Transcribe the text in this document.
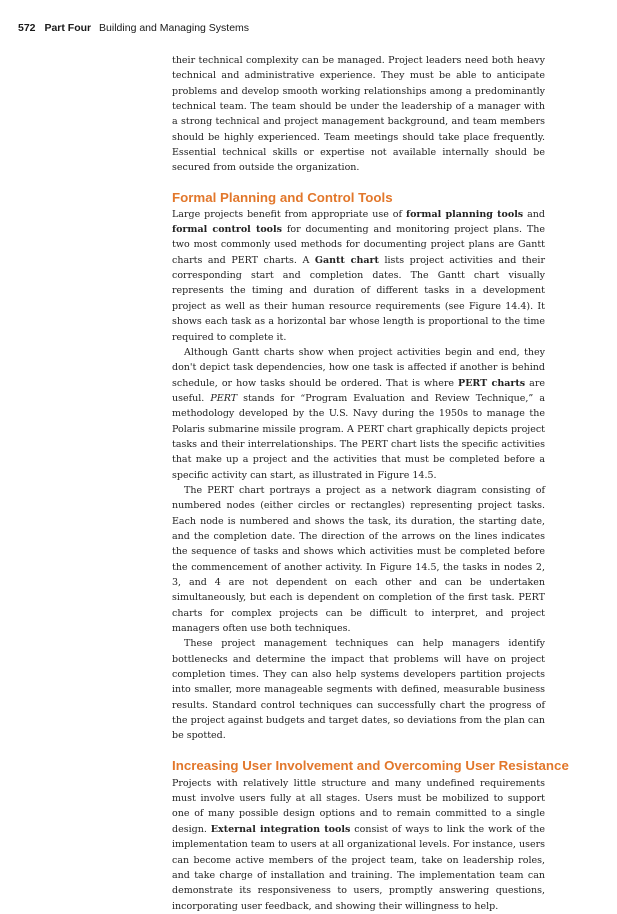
572 Part Four Building and Managing Systems

their technical complexity can be managed. Project leaders need both heavy technical and administrative experience. They must be able to anticipate problems and develop smooth working relationships among a predominantly technical team. The team should be under the leadership of a manager with a strong technical and project management background, and team members should be highly experienced. Team meetings should take place frequently. Essential technical skills or expertise not available internally should be secured from outside the organization.

Formal Planning and Control Tools

Large projects benefit from appropriate use of formal planning tools and formal control tools for documenting and monitoring project plans. The two most commonly used methods for documenting project plans are Gantt charts and PERT charts. A Gantt chart lists project activities and their corresponding start and completion dates. The Gantt chart visually represents the timing and duration of different tasks in a development project as well as their human resource requirements (see Figure 14.4). It shows each task as a horizontal bar whose length is proportional to the time required to complete it.

Although Gantt charts show when project activities begin and end, they don't depict task dependencies, how one task is affected if another is behind schedule, or how tasks should be ordered. That is where PERT charts are useful. PERT stands for “Program Evaluation and Review Technique,” a methodology developed by the U.S. Navy during the 1950s to manage the Polaris submarine missile program. A PERT chart graphically depicts project tasks and their interrelationships. The PERT chart lists the specific activities that make up a project and the activities that must be completed before a specific activity can start, as illustrated in Figure 14.5.

The PERT chart portrays a project as a network diagram consisting of numbered nodes (either circles or rectangles) representing project tasks. Each node is numbered and shows the task, its duration, the starting date, and the completion date. The direction of the arrows on the lines indicates the sequence of tasks and shows which activities must be completed before the commencement of another activity. In Figure 14.5, the tasks in nodes 2, 3, and 4 are not dependent on each other and can be undertaken simultaneously, but each is dependent on completion of the first task. PERT charts for complex projects can be difficult to interpret, and project managers often use both techniques.

These project management techniques can help managers identify bottlenecks and determine the impact that problems will have on project completion times. They can also help systems developers partition projects into smaller, more manageable segments with defined, measurable business results. Standard control techniques can successfully chart the progress of the project against budgets and target dates, so deviations from the plan can be spotted.

Increasing User Involvement and Overcoming User Resistance

Projects with relatively little structure and many undefined requirements must involve users fully at all stages. Users must be mobilized to support one of many possible design options and to remain committed to a single design. External integration tools consist of ways to link the work of the implementation team to users at all organizational levels. For instance, users can become active members of the project team, take on leadership roles, and take charge of installation and training. The implementation team can demonstrate its responsiveness to users, promptly answering questions, incorporating user feedback, and showing their willingness to help.
